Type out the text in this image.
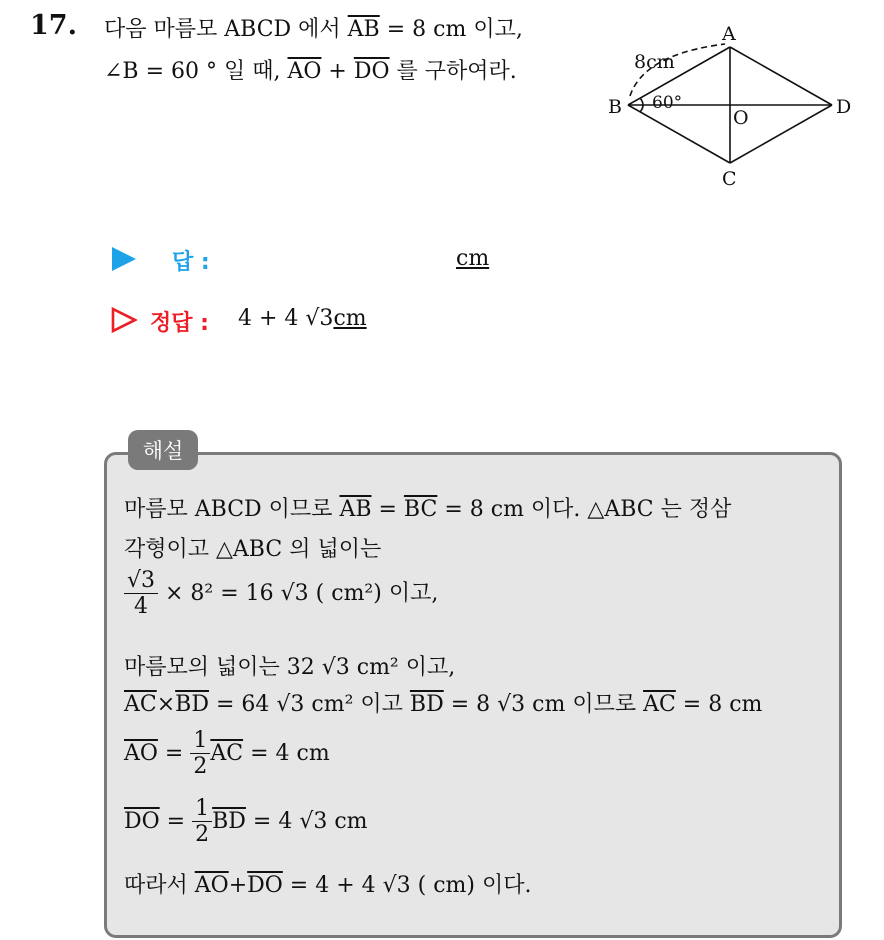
17. 다음 마름모 ABCD 에서 $\overline{AB} = 8$ cm 이고,
∠B = 60 ° 일 때, $\overline{AO} + \overline{DO}$ 를 구하여라.
A
B
C
D
O
8cm
60°
답 :	cm
정답 : 4 + 4 √3cm
해설
마름모 ABCD 이므로 $\overline{AB} = \overline{BC} = 8$ cm 이다. △ABC 는 정삼
각형이고 △ABC 의 넓이는
$\frac{√3}{4} \times 8^2 = 16$ √3 ( cm²) 이고,
마름모의 넓이는 32 √3 cm² 이고,
$\overline{AC}\times\overline{BD} = 64$ √3 cm² 이고 $\overline{BD} = 8$ √3 cm 이므로 $\overline{AC} = 8$ cm
$\overline{AO} = \frac{1}{2} \overline{AC} = 4$ cm
$\overline{DO} = \frac{1}{2} \overline{BD} = 4$ √3 cm
따라서 $\overline{AO}+\overline{DO} = 4 + 4$ √3 ( cm) 이다.
